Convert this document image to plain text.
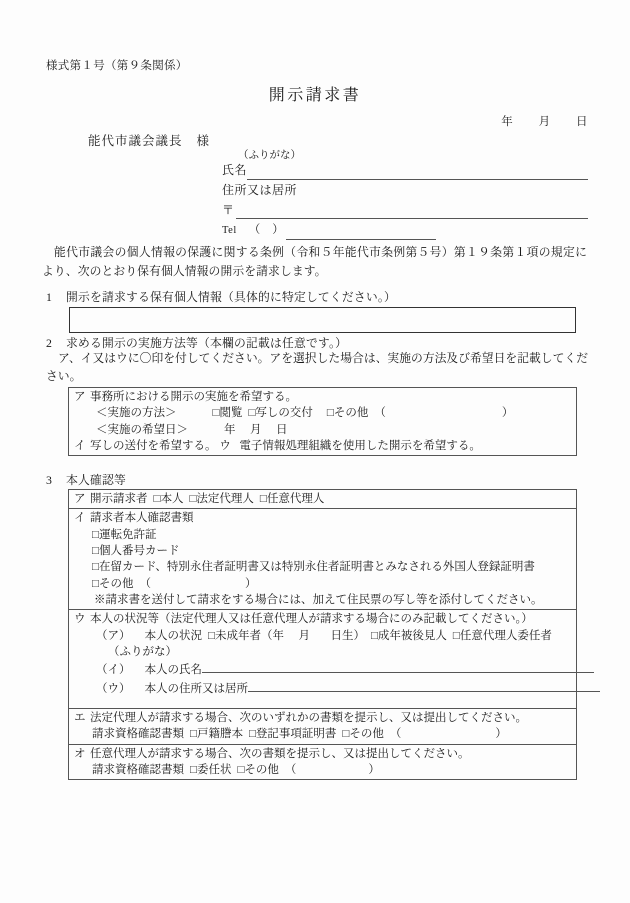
様式第１号（第９条関係）
開示請求書
年 月 日
能代市議会議長 様
（ふりがな）
氏名
住所又は居所
〒
Tel	（	）
能代市議会の個人情報の保護に関する条例（令和５年能代市条例第５号）第１９条第１項の規定により、次のとおり保有個人情報の開示を請求します。
1 開示を請求する保有個人情報（具体的に特定してください。）
2 求める開示の実施方法等（本欄の記載は任意です。）
ア、イ又はウに〇印を付してください。アを選択した場合は、実施の方法及び希望日を記載してください。
ア 事務所における開示の実施を希望する。
＜実施の方法＞	□閲覧 □写しの交付 □その他 （	）
＜実施の希望日＞	年 月 日
イ 写しの送付を希望する。 ウ 電子情報処理組織を使用した開示を希望する。
3 本人確認等
ア 開示請求者 □本人 □法定代理人 □任意代理人
イ 請求者本人確認書類
□運転免許証
□個人番号カード
□在留カード、特別永住者証明書又は特別永住者証明書とみなされる外国人登録証明書
□その他 （	）
※請求書を送付して請求をする場合には、加えて住民票の写し等を添付してください。

ウ 本人の状況等（法定代理人又は任意代理人が請求する場合にのみ記載してください。）
（ア） 本人の状況 □未成年者（年 月 日生） □成年被後見人 □任意代理人委任者
（ふりがな）
（イ） 本人の氏名
（ウ） 本人の住所又は居所

エ 法定代理人が請求する場合、次のいずれかの書類を提示し、又は提出してください。
請求資格確認書類 □戸籍謄本 □登記事項証明書 □その他 （	）

オ 任意代理人が請求する場合、次の書類を提示し、又は提出してください。
請求資格確認書類 □委任状 □その他 （	）
